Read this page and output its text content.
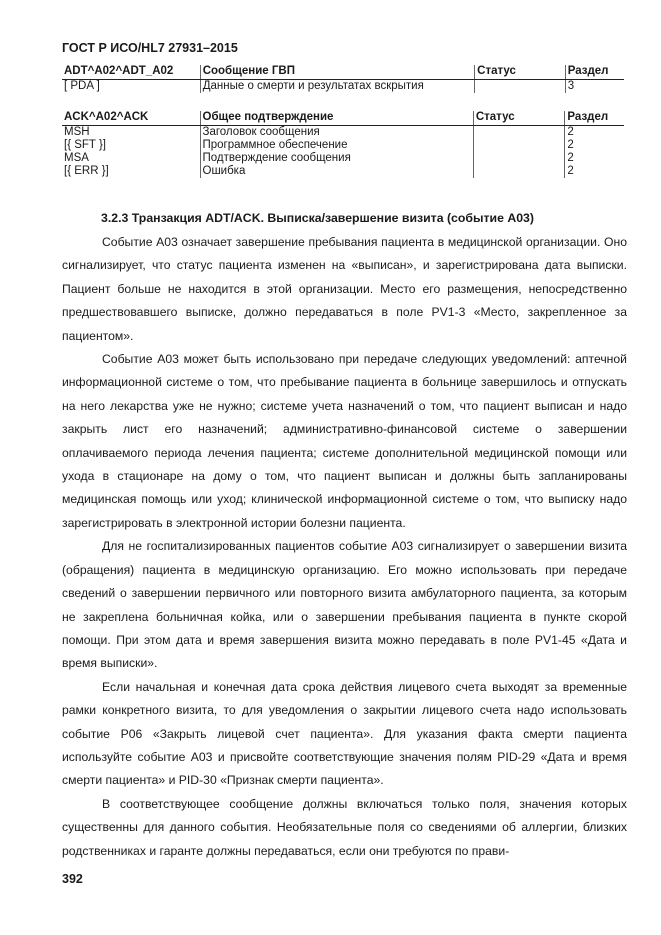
ГОСТ Р ИСО/HL7 27931–2015
ADT^A02^ADT_A02	Сообщение ГВП	Статус	Раздел
[ PDA ]	Данные о смерти и результатах вскрытия		3
ACK^A02^ACK	Общее подтверждение	Статус	Раздел
MSH	Заголовок сообщения		2
[{ SFT }]	Программное обеспечение		2
MSA	Подтверждение сообщения		2
[{ ERR }]	Ошибка		2
3.2.3 Транзакция ADT/ACK. Выписка/завершение визита (событие A03)

Событие A03 означает завершение пребывания пациента в медицинской организации. Оно сигнализирует, что статус пациента изменен на «выписан», и зарегистрирована дата выписки. Пациент больше не находится в этой организации. Место его размещения, непосредственно предшествовавшего выписке, должно передаваться в поле PV1-3 «Место, закрепленное за пациентом».

Событие A03 может быть использовано при передаче следующих уведомлений: аптечной информационной системе о том, что пребывание пациента в больнице завершилось и отпускать на него лекарства уже не нужно; системе учета назначений о том, что пациент выписан и надо закрыть лист его назначений; административно-финансовой системе о завершении оплачиваемого периода лечения пациента; системе дополнительной медицинской помощи или ухода в стационаре на дому о том, что пациент выписан и должны быть запланированы медицинская помощь или уход; клинической информационной системе о том, что выписку надо зарегистрировать в электронной истории болезни пациента.

Для не госпитализированных пациентов событие A03 сигнализирует о завершении визита (обращения) пациента в медицинскую организацию. Его можно использовать при передаче сведений о завершении первичного или повторного визита амбулаторного пациента, за которым не закреплена больничная койка, или о завершении пребывания пациента в пункте скорой помощи. При этом дата и время завершения визита можно передавать в поле PV1-45 «Дата и время выписки».

Если начальная и конечная дата срока действия лицевого счета выходят за временные рамки конкретного визита, то для уведомления о закрытии лицевого счета надо использовать событие P06 «Закрыть лицевой счет пациента». Для указания факта смерти пациента используйте событие A03 и присвойте соответствующие значения полям PID-29 «Дата и время смерти пациента» и PID-30 «Признак смерти пациента».

В соответствующее сообщение должны включаться только поля, значения которых существенны для данного события. Необязательные поля со сведениями об аллергии, близких родственниках и гаранте должны передаваться, если они требуются по прави-

392
